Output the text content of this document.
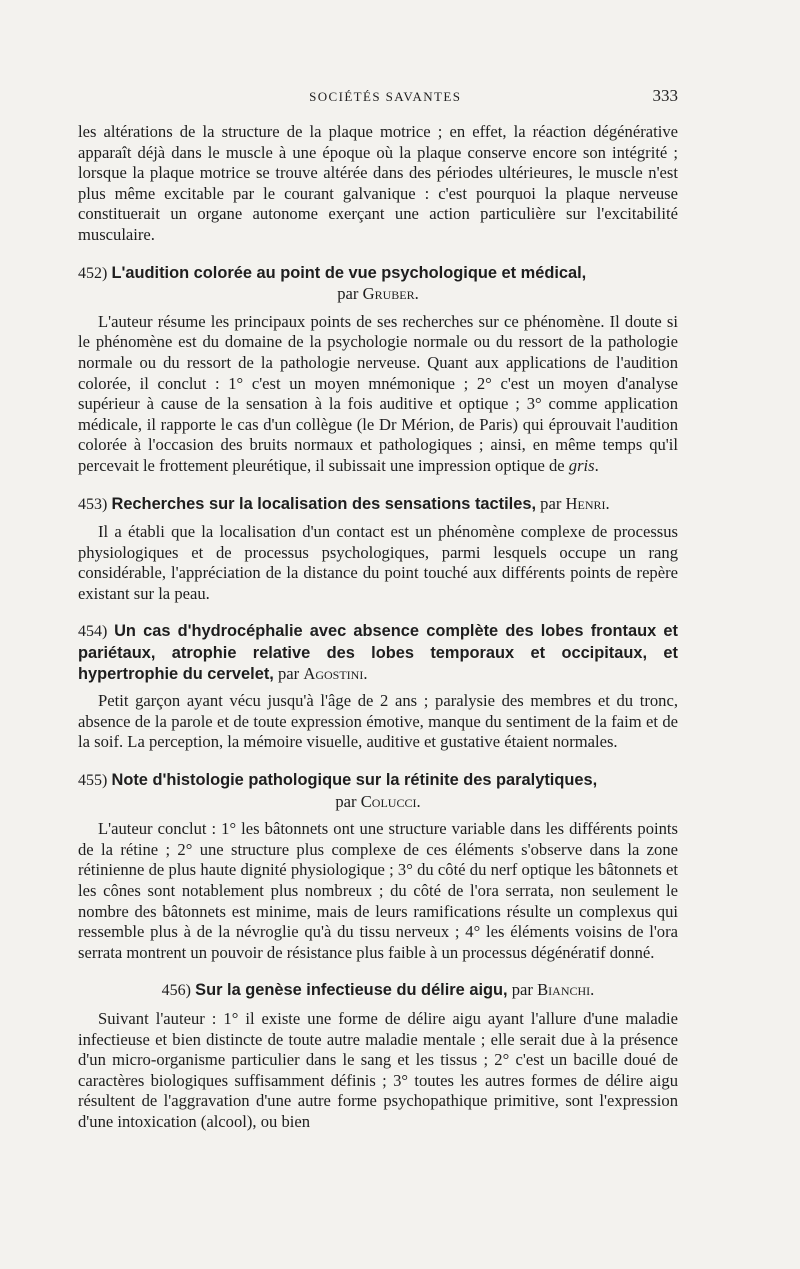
SOCIÉTÉS SAVANTES	333

les altérations de la structure de la plaque motrice ; en effet, la réaction dégénérative apparaît déjà dans le muscle à une époque où la plaque conserve encore son intégrité ; lorsque la plaque motrice se trouve altérée dans des périodes ultérieures, le muscle n'est plus même excitable par le courant galvanique : c'est pourquoi la plaque nerveuse constituerait un organe autonome exerçant une action particulière sur l'excitabilité musculaire.

452) L'audition colorée au point de vue psychologique et médical,
par Gruber.

L'auteur résume les principaux points de ses recherches sur ce phénomène. Il doute si le phénomène est du domaine de la psychologie normale ou du ressort de la pathologie normale ou du ressort de la pathologie nerveuse. Quant aux applications de l'audition colorée, il conclut : 1° c'est un moyen mnémonique ; 2° c'est un moyen d'analyse supérieur à cause de la sensation à la fois auditive et optique ; 3° comme application médicale, il rapporte le cas d'un collègue (le Dr Mérion, de Paris) qui éprouvait l'audition colorée à l'occasion des bruits normaux et pathologiques ; ainsi, en même temps qu'il percevait le frottement pleurétique, il subissait une impression optique de gris.

453) Recherches sur la localisation des sensations tactiles, par Henri.

Il a établi que la localisation d'un contact est un phénomène complexe de processus physiologiques et de processus psychologiques, parmi lesquels occupe un rang considérable, l'appréciation de la distance du point touché aux différents points de repère existant sur la peau.

454) Un cas d'hydrocéphalie avec absence complète des lobes frontaux et pariétaux, atrophie relative des lobes temporaux et occipitaux, et hypertrophie du cervelet, par Agostini.

Petit garçon ayant vécu jusqu'à l'âge de 2 ans ; paralysie des membres et du tronc, absence de la parole et de toute expression émotive, manque du sentiment de la faim et de la soif. La perception, la mémoire visuelle, auditive et gustative étaient normales.

455) Note d'histologie pathologique sur la rétinite des paralytiques,
par Colucci.

L'auteur conclut : 1° les bâtonnets ont une structure variable dans les différents points de la rétine ; 2° une structure plus complexe de ces éléments s'observe dans la zone rétinienne de plus haute dignité physiologique ; 3° du côté du nerf optique les bâtonnets et les cônes sont notablement plus nombreux ; du côté de l'ora serrata, non seulement le nombre des bâtonnets est minime, mais de leurs ramifications résulte un complexus qui ressemble plus à de la névroglie qu'à du tissu nerveux ; 4° les éléments voisins de l'ora serrata montrent un pouvoir de résistance plus faible à un processus dégénératif donné.

456) Sur la genèse infectieuse du délire aigu, par Bianchi.

Suivant l'auteur : 1° il existe une forme de délire aigu ayant l'allure d'une maladie infectieuse et bien distincte de toute autre maladie mentale ; elle serait due à la présence d'un micro-organisme particulier dans le sang et les tissus ; 2° c'est un bacille doué de caractères biologiques suffisamment définis ; 3° toutes les autres formes de délire aigu résultent de l'aggravation d'une autre forme psychopathique primitive, sont l'expression d'une intoxication (alcool), ou bien
